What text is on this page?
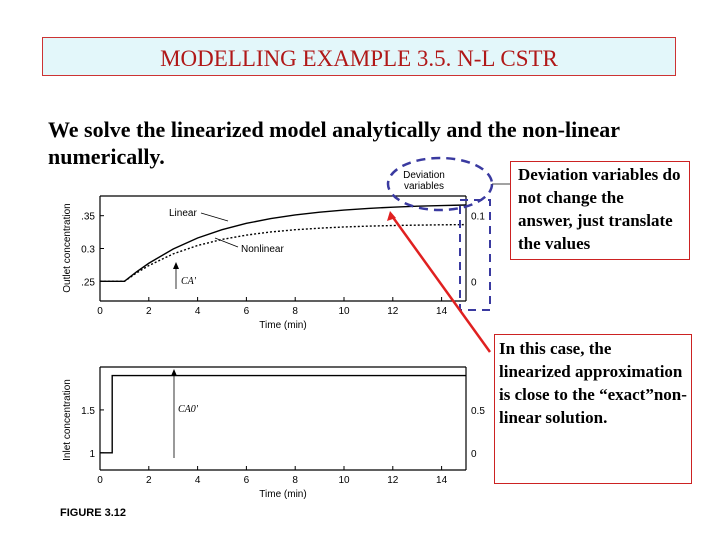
MODELLING EXAMPLE 3.5. N-L CSTR
We solve the linearized model analytically and the non-linear numerically.
0	2	4	6	8	10	12	14
.35
0.3
.25
0.1
0
Outlet concentration
Time (min)
Linear
Nonlinear
CA'
Deviation
variables
0	2	4	6	8	10	12	14
1.5
1
0.5
0
Inlet concentration
Time (min)
CA0'
FIGURE 3.12
Deviation variables do not change the answer, just translate the values
In this case, the linearized approximation is close to the “exact”non-linear solution.
